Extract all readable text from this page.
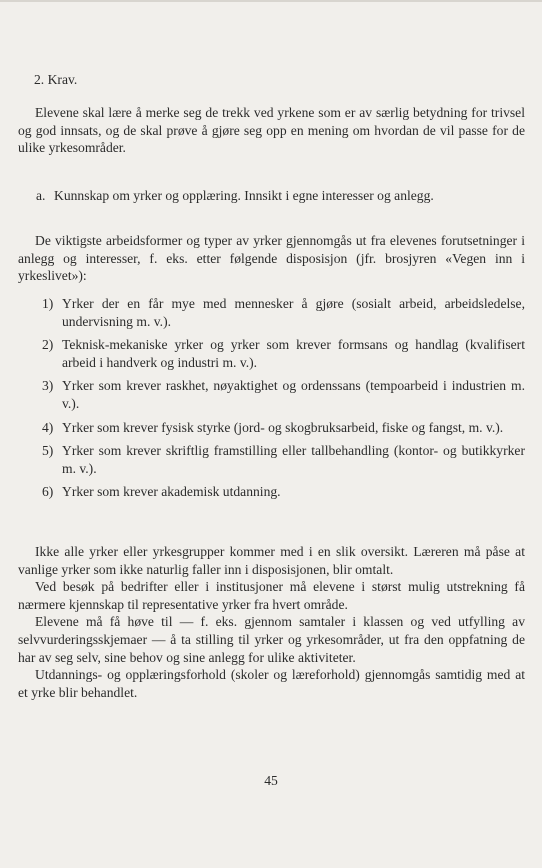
2. Krav.

Elevene skal lære å merke seg de trekk ved yrkene som er av særlig betydning for trivsel og god innsats, og de skal prøve å gjøre seg opp en mening om hvordan de vil passe for de ulike yrkesområder.

a. Kunnskap om yrker og opplæring. Innsikt i egne interesser og anlegg.

De viktigste arbeidsformer og typer av yrker gjennomgås ut fra elevenes forutsetninger i anlegg og interesser, f. eks. etter følgende disposisjon (jfr. brosjyren «Vegen inn i yrkeslivet»):

1) Yrker der en får mye med mennesker å gjøre (sosialt arbeid, arbeidsledelse, undervisning m. v.).
2) Teknisk-mekaniske yrker og yrker som krever formsans og handlag (kvalifisert arbeid i handverk og industri m. v.).
3) Yrker som krever raskhet, nøyaktighet og ordenssans (tempoarbeid i industrien m. v.).
4) Yrker som krever fysisk styrke (jord- og skogbruksarbeid, fiske og fangst, m. v.).
5) Yrker som krever skriftlig framstilling eller tallbehandling (kontor- og butikkyrker m. v.).
6) Yrker som krever akademisk utdanning.

Ikke alle yrker eller yrkesgrupper kommer med i en slik oversikt. Læreren må påse at vanlige yrker som ikke naturlig faller inn i disposisjonen, blir omtalt.

Ved besøk på bedrifter eller i institusjoner må elevene i størst mulig utstrekning få nærmere kjennskap til representative yrker fra hvert område.

Elevene må få høve til — f. eks. gjennom samtaler i klassen og ved utfylling av selvvurderingsskjemaer — å ta stilling til yrker og yrkesområder, ut fra den oppfatning de har av seg selv, sine behov og sine anlegg for ulike aktiviteter.

Utdannings- og opplæringsforhold (skoler og læreforhold) gjennomgås samtidig med at et yrke blir behandlet.

45
